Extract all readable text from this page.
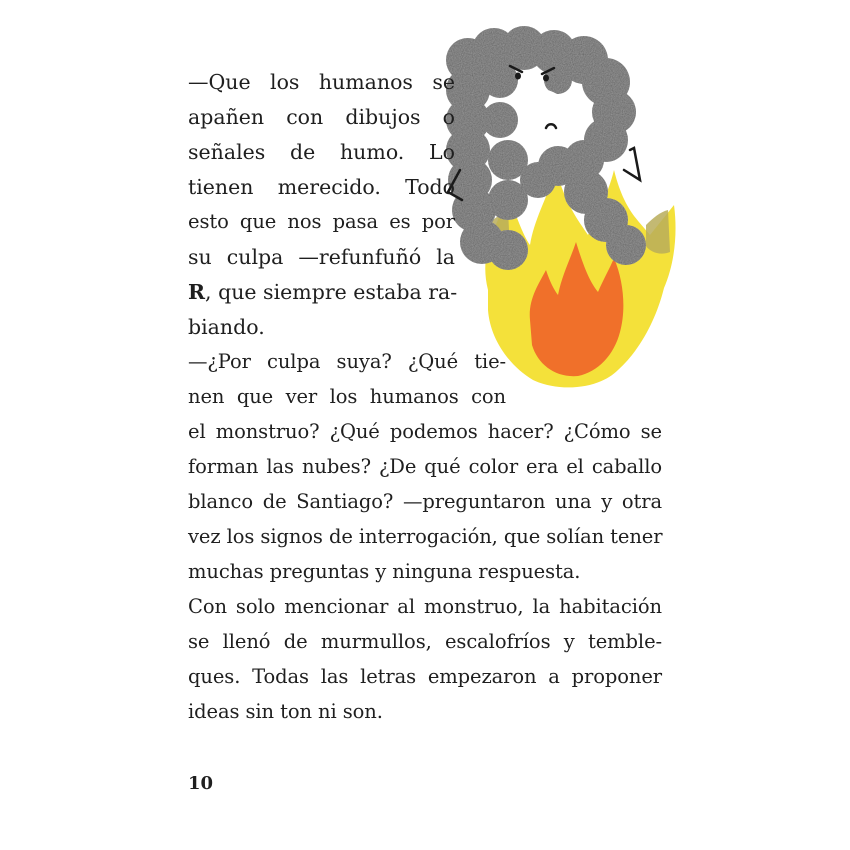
—Que los humanos se
apañen con dibujos o
señales de humo. Lo
tienen merecido. Todo
esto que nos pasa es por
su culpa —refunfuñó la
R, que siempre estaba ra-
biando.
—¿Por culpa suya? ¿Qué tie-
nen que ver los humanos con
el monstruo? ¿Qué podemos hacer? ¿Cómo se
forman las nubes? ¿De qué color era el caballo
blanco de Santiago? —preguntaron una y otra
vez los signos de interrogación, que solían tener
muchas preguntas y ninguna respuesta.
Con solo mencionar al monstruo, la habitación
se llenó de murmullos, escalofríos y temble-
ques. Todas las letras empezaron a proponer
ideas sin ton ni son.
10
